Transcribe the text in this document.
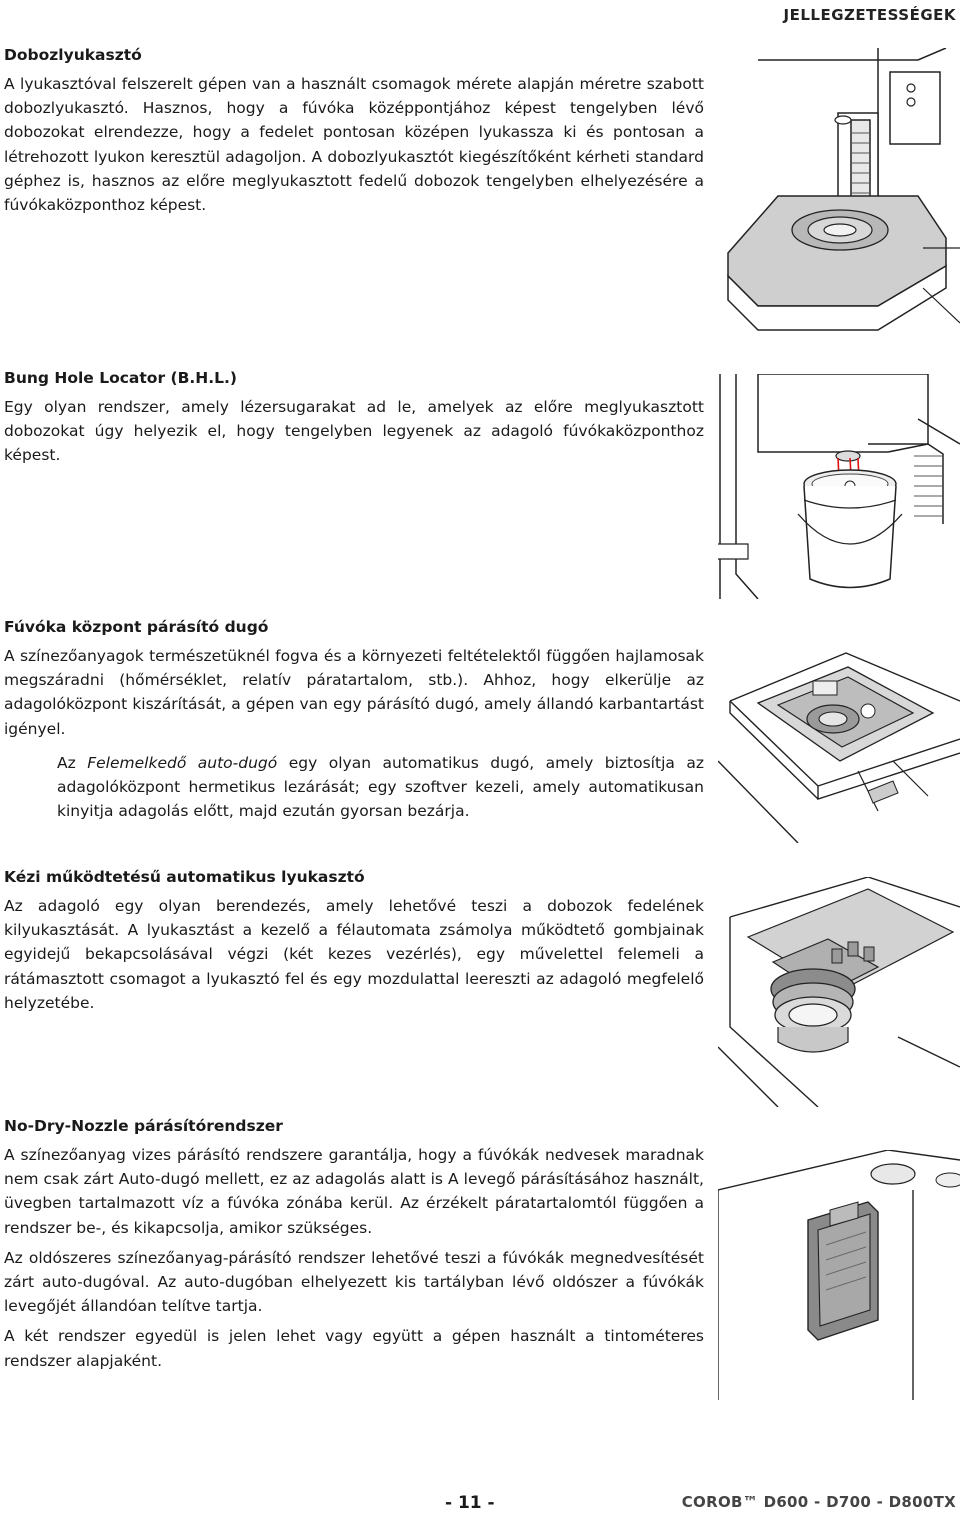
JELLEGZETESSÉGEK
Dobozlyukasztó

A lyukasztóval felszerelt gépen van a használt csomagok mérete alapján méretre szabott dobozlyukasztó. Hasznos, hogy a fúvóka középpontjához képest tengelyben lévő dobozokat elrendezze, hogy a fedelet pontosan középen lyukassza ki és pontosan a létrehozott lyukon keresztül adagoljon. A dobozlyukasztót kiegészítőként kérheti standard géphez is, hasznos az előre meglyukasztott fedelű dobozok tengelyben elhelyezésére a fúvókaközponthoz képest.

Bung Hole Locator (B.H.L.)

Egy olyan rendszer, amely lézersugarakat ad le, amelyek az előre meglyukasztott dobozokat úgy helyezik el, hogy tengelyben legyenek az adagoló fúvókaközponthoz képest.

Fúvóka központ párásító dugó

A színezőanyagok természetüknél fogva és a környezeti feltételektől függően hajlamosak megszáradni (hőmérséklet, relatív páratartalom, stb.). Ahhoz, hogy elkerülje az adagolóközpont kiszárítását, a gépen van egy párásító dugó, amely állandó karbantartást igényel.

Az Felemelkedő auto-dugó egy olyan automatikus dugó, amely biztosítja az adagolóközpont hermetikus lezárását; egy szoftver kezeli, amely automatikusan kinyitja adagolás előtt, majd ezután gyorsan bezárja.

Kézi működtetésű automatikus lyukasztó

Az adagoló egy olyan berendezés, amely lehetővé teszi a dobozok fedelének kilyukasztását. A lyukasztást a kezelő a félautomata zsámolya működtető gombjainak egyidejű bekapcsolásával végzi (két kezes vezérlés), egy művelettel felemeli a rátámasztott csomagot a lyukasztó fel és egy mozdulattal leereszti az adagoló megfelelő helyzetébe.

No-Dry-Nozzle párásítórendszer

A színezőanyag vizes párásító rendszere garantálja, hogy a fúvókák nedvesek maradnak nem csak zárt Auto-dugó mellett, ez az adagolás alatt is A levegő párásításához használt, üvegben tartalmazott víz a fúvóka zónába kerül. Az érzékelt páratartalomtól függően a rendszer be-, és kikapcsolja, amikor szükséges.

Az oldószeres színezőanyag-párásító rendszer lehetővé teszi a fúvókák megnedvesítését zárt auto-dugóval. Az auto-dugóban elhelyezett kis tartályban lévő oldószer a fúvókák levegőjét állandóan telítve tartja.

A két rendszer egyedül is jelen lehet vagy együtt a gépen használt a tintométeres rendszer alapjaként.

- 11 -	COROB™ D600 - D700 - D800TX
